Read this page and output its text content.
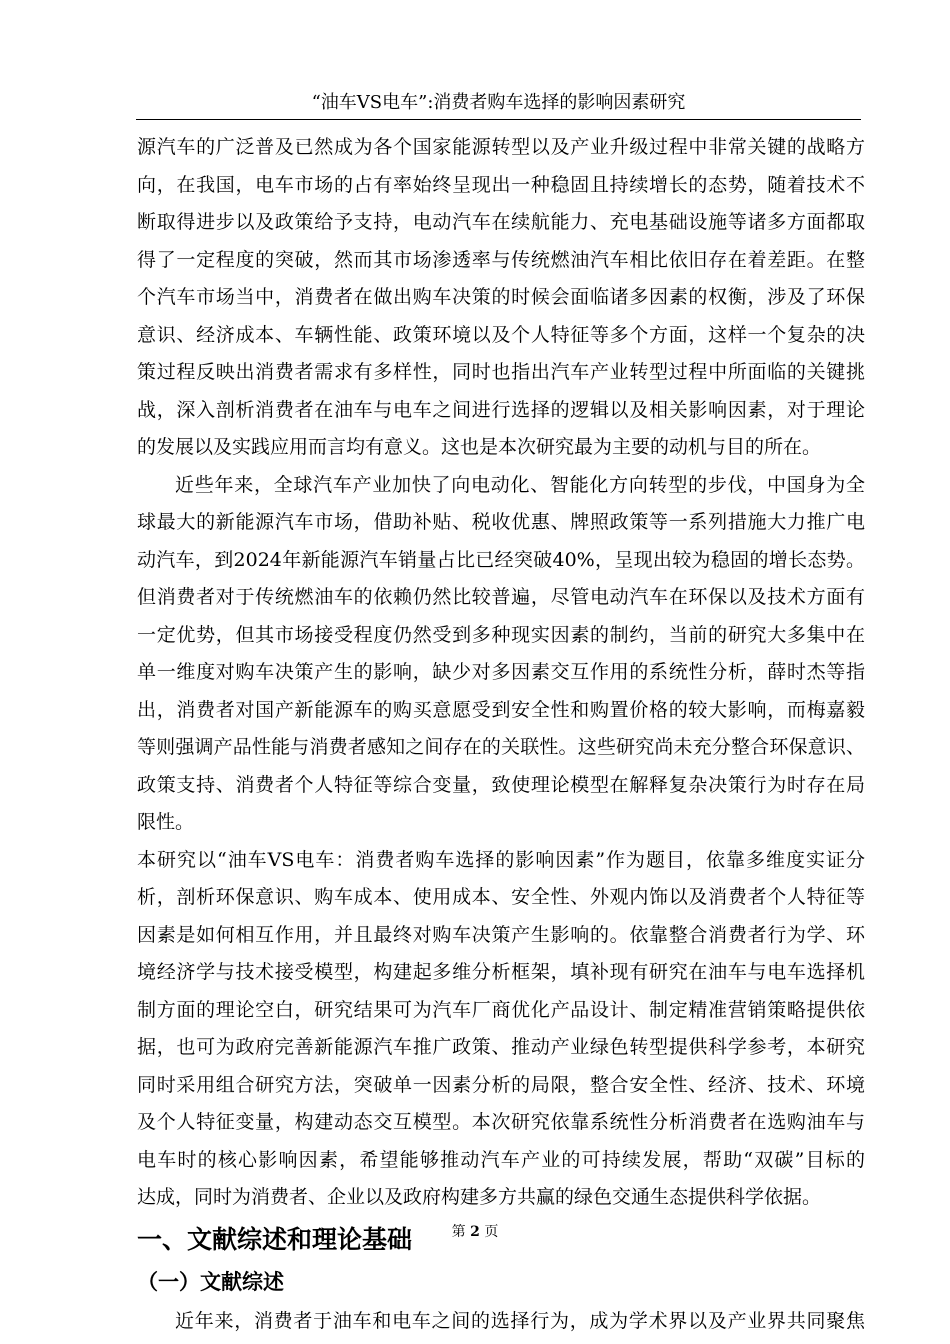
“油车VS电车”:消费者购车选择的影响因素研究
源汽车的广泛普及已然成为各个国家能源转型以及产业升级过程中非常关键的战略方
向，在我国，电车市场的占有率始终呈现出一种稳固且持续增长的态势，随着技术不
断取得进步以及政策给予支持，电动汽车在续航能力、充电基础设施等诸多方面都取
得了一定程度的突破，然而其市场渗透率与传统燃油汽车相比依旧存在着差距。在整
个汽车市场当中，消费者在做出购车决策的时候会面临诸多因素的权衡，涉及了环保
意识、经济成本、车辆性能、政策环境以及个人特征等多个方面，这样一个复杂的决
策过程反映出消费者需求有多样性，同时也指出汽车产业转型过程中所面临的关键挑
战，深入剖析消费者在油车与电车之间进行选择的逻辑以及相关影响因素，对于理论
的发展以及实践应用而言均有意义。这也是本次研究最为主要的动机与目的所在。
近些年来，全球汽车产业加快了向电动化、智能化方向转型的步伐，中国身为全
球最大的新能源汽车市场，借助补贴、税收优惠、牌照政策等一系列措施大力推广电
动汽车，到2024年新能源汽车销量占比已经突破40%，呈现出较为稳固的增长态势。
但消费者对于传统燃油车的依赖仍然比较普遍，尽管电动汽车在环保以及技术方面有
一定优势，但其市场接受程度仍然受到多种现实因素的制约，当前的研究大多集中在
单一维度对购车决策产生的影响，缺少对多因素交互作用的系统性分析，薛时杰等指
出，消费者对国产新能源车的购买意愿受到安全性和购置价格的较大影响，而梅嘉毅
等则强调产品性能与消费者感知之间存在的关联性。这些研究尚未充分整合环保意识、
政策支持、消费者个人特征等综合变量，致使理论模型在解释复杂决策行为时存在局
限性。
本研究以“油车VS电车：消费者购车选择的影响因素”作为题目，依靠多维度实证分
析，剖析环保意识、购车成本、使用成本、安全性、外观内饰以及消费者个人特征等
因素是如何相互作用，并且最终对购车决策产生影响的。依靠整合消费者行为学、环
境经济学与技术接受模型，构建起多维分析框架，填补现有研究在油车与电车选择机
制方面的理论空白，研究结果可为汽车厂商优化产品设计、制定精准营销策略提供依
据，也可为政府完善新能源汽车推广政策、推动产业绿色转型提供科学参考，本研究
同时采用组合研究方法，突破单一因素分析的局限，整合安全性、经济、技术、环境
及个人特征变量，构建动态交互模型。本次研究依靠系统性分析消费者在选购油车与
电车时的核心影响因素，希望能够推动汽车产业的可持续发展，帮助“双碳”目标的
达成，同时为消费者、企业以及政府构建多方共赢的绿色交通生态提供科学依据。
一、文献综述和理论基础
（一）文献综述
近年来，消费者于油车和电车之间的选择行为，成为学术界以及产业界共同聚焦
第 2 页
